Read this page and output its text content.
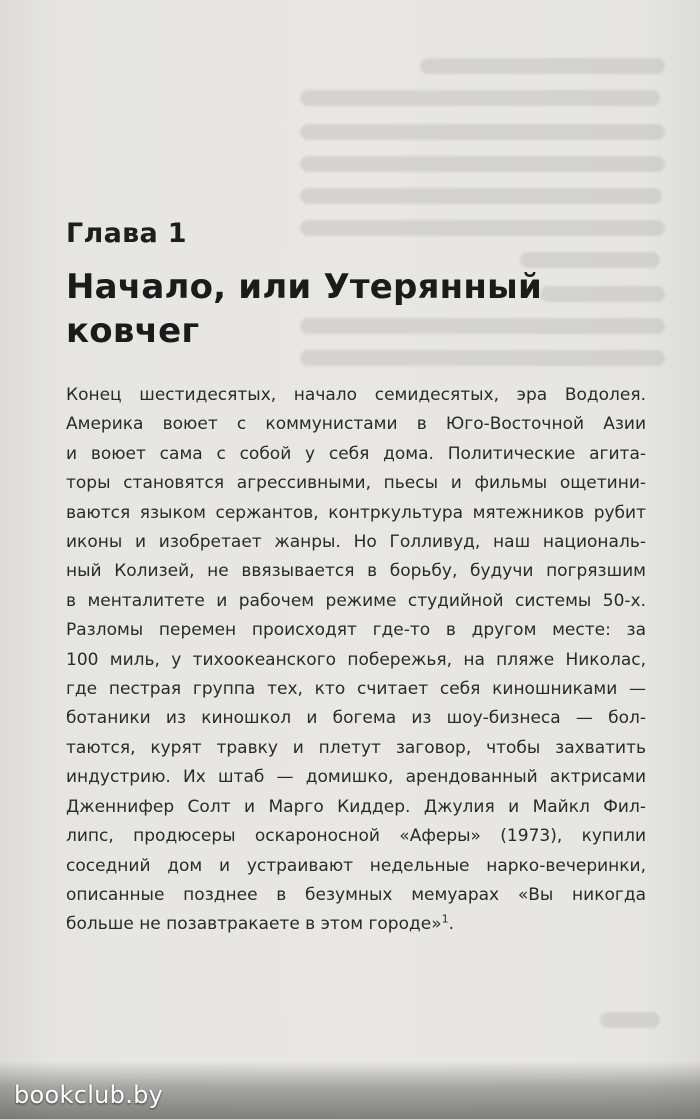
Глава 1
Начало, или Утерянный ковчег
Конец шестидесятых, начало семидесятых, эра Водолея.
Америка воюет с коммунистами в Юго-Восточной Азии
и воюет сама с собой у себя дома. Политические агита-
торы становятся агрессивными, пьесы и фильмы ощетини-
ваются языком сержантов, контркультура мятежников рубит
иконы и изобретает жанры. Но Голливуд, наш националь-
ный Колизей, не ввязывается в борьбу, будучи погрязшим
в менталитете и рабочем режиме студийной системы 50-х.
Разломы перемен происходят где-то в другом месте: за
100 миль, у тихоокеанского побережья, на пляже Николас,
где пестрая группа тех, кто считает себя киношниками —
ботаники из киношкол и богема из шоу-бизнеса — бол-
таются, курят травку и плетут заговор, чтобы захватить
индустрию. Их штаб — домишко, арендованный актрисами
Дженнифер Солт и Марго Киддер. Джулия и Майкл Фил-
липс, продюсеры оскароносной «Аферы» (1973), купили
соседний дом и устраивают недельные нарко-вечеринки,
описанные позднее в безумных мемуарах «Вы никогда
больше не позавтракаете в этом городе»$^1$.
bookclub.by
